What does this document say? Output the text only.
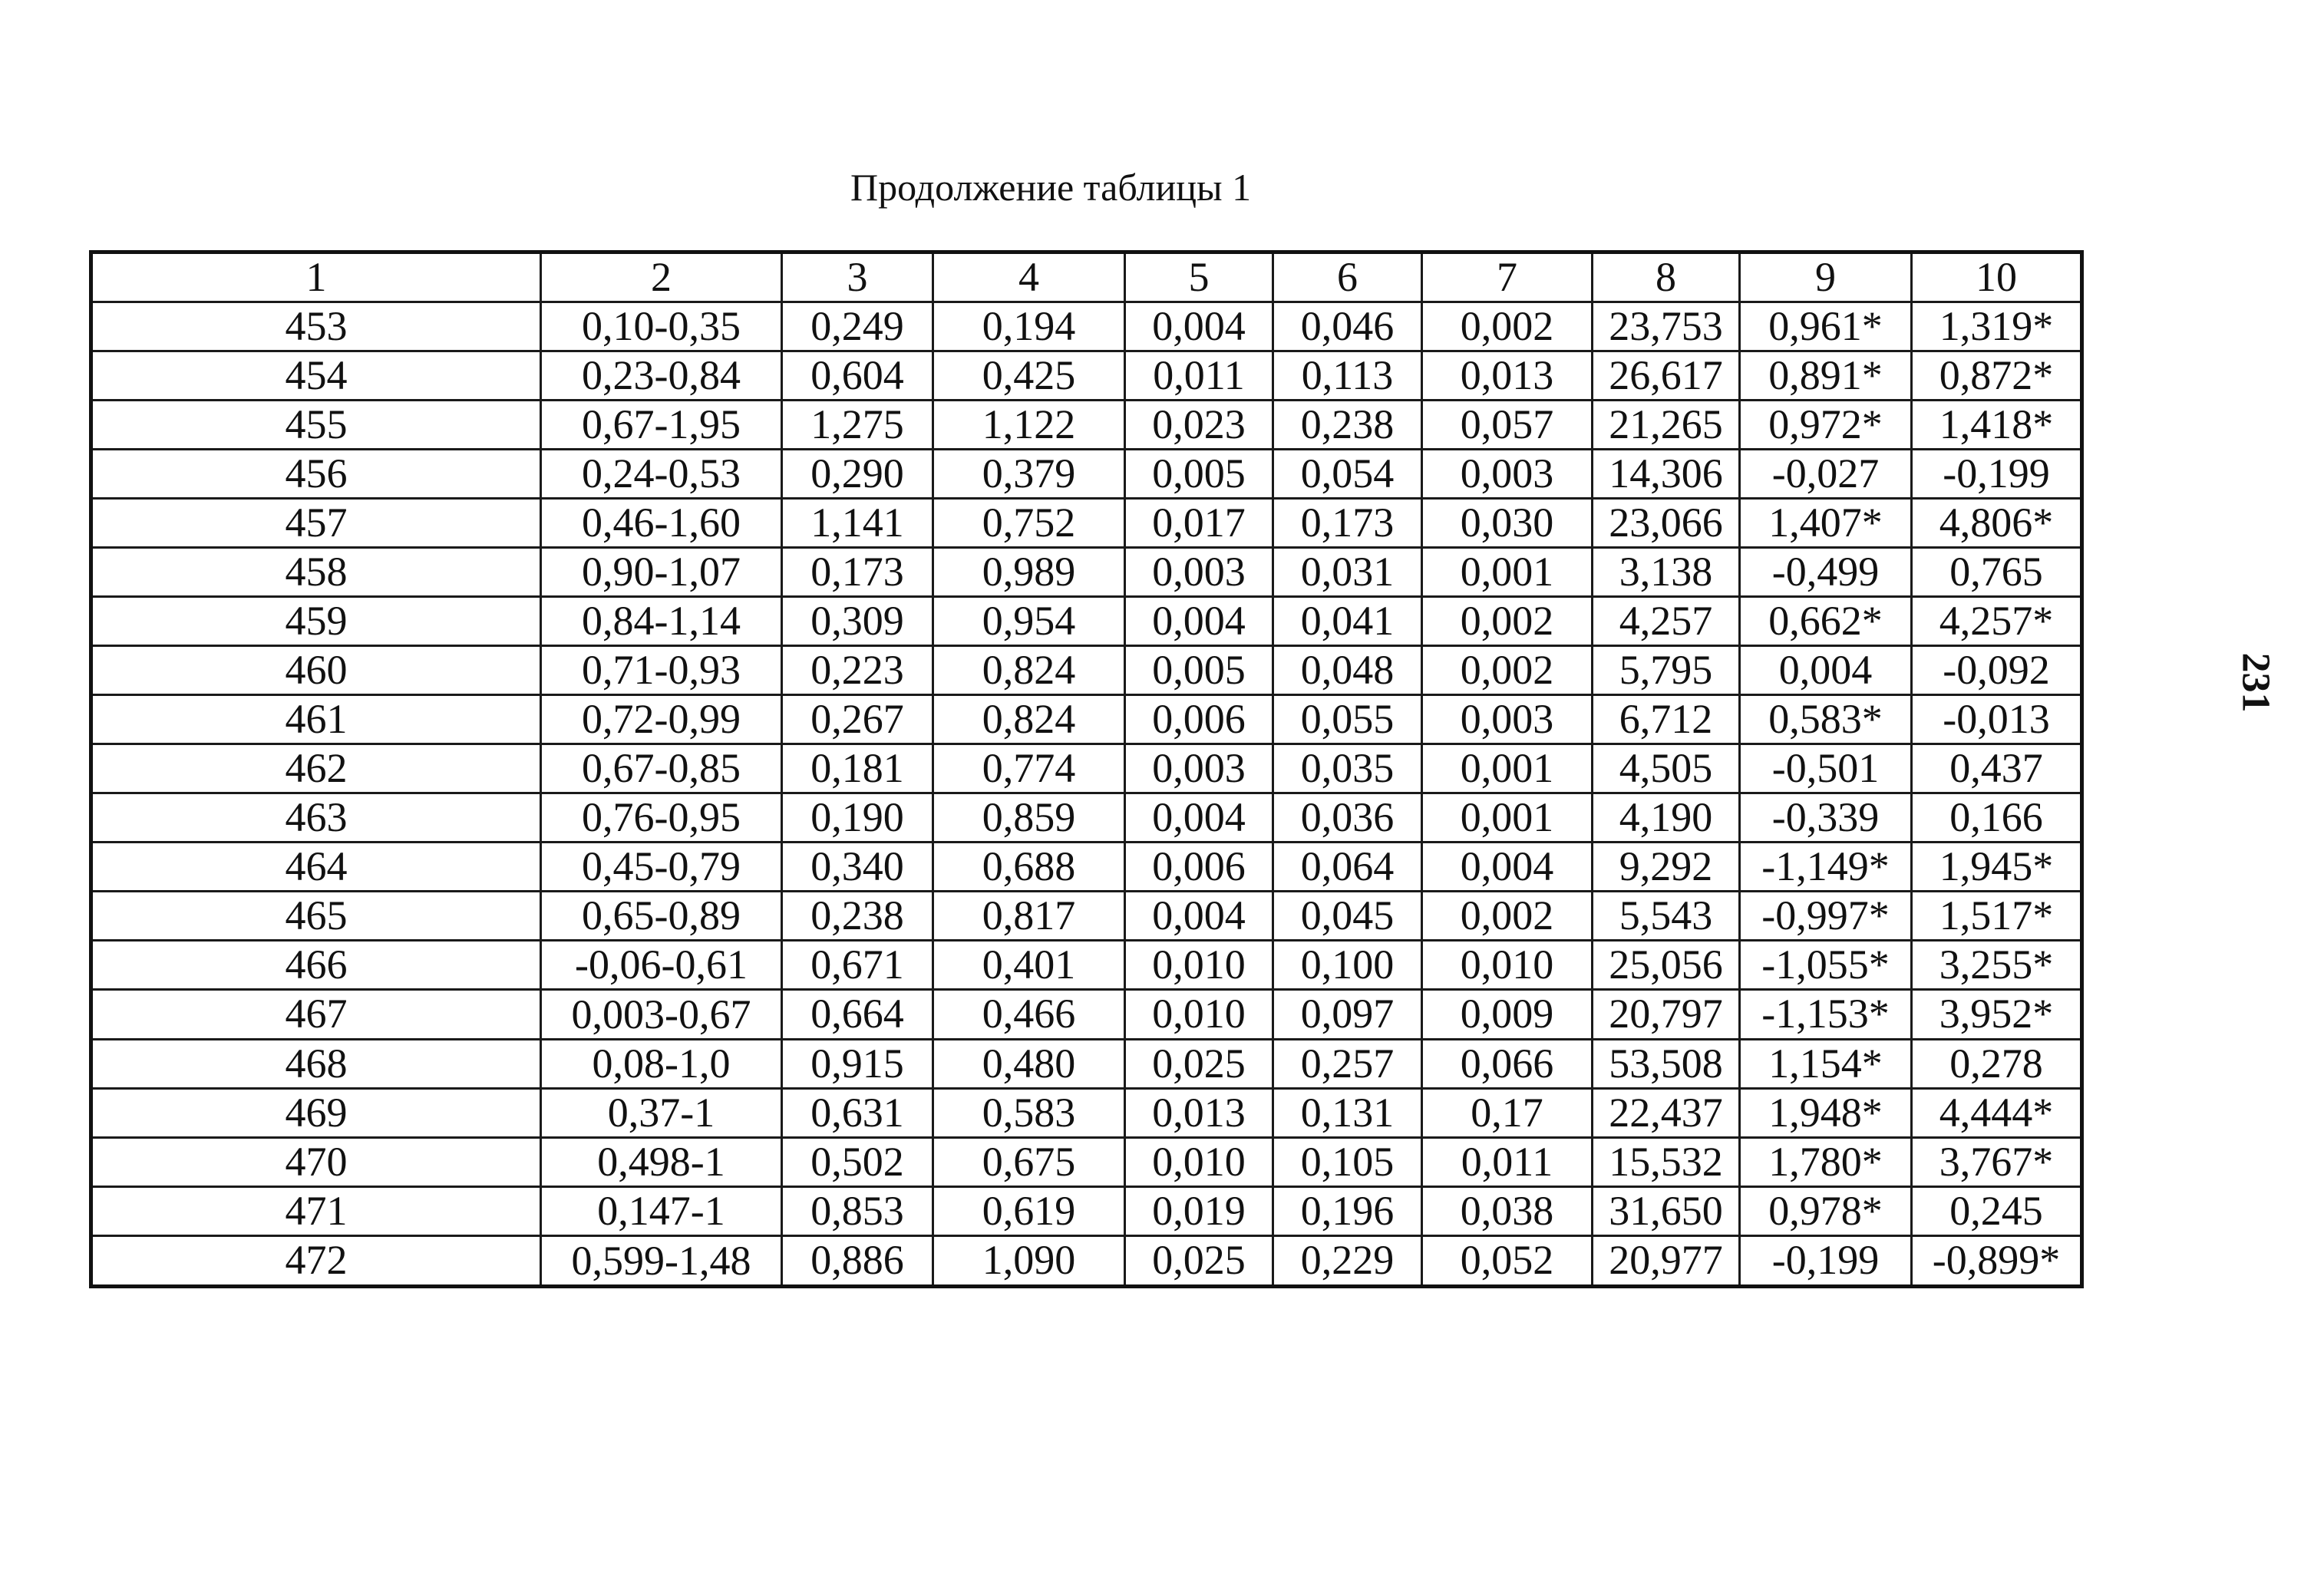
Продолжение таблицы 1
1	2	3	4	5	6	7	8	9	10
453	0,10-0,35	0,249	0,194	0,004	0,046	0,002	23,753	0,961*	1,319*
454	0,23-0,84	0,604	0,425	0,011	0,113	0,013	26,617	0,891*	0,872*
455	0,67-1,95	1,275	1,122	0,023	0,238	0,057	21,265	0,972*	1,418*
456	0,24-0,53	0,290	0,379	0,005	0,054	0,003	14,306	-0,027	-0,199
457	0,46-1,60	1,141	0,752	0,017	0,173	0,030	23,066	1,407*	4,806*
458	0,90-1,07	0,173	0,989	0,003	0,031	0,001	3,138	-0,499	0,765
459	0,84-1,14	0,309	0,954	0,004	0,041	0,002	4,257	0,662*	4,257*
460	0,71-0,93	0,223	0,824	0,005	0,048	0,002	5,795	0,004	-0,092
461	0,72-0,99	0,267	0,824	0,006	0,055	0,003	6,712	0,583*	-0,013
462	0,67-0,85	0,181	0,774	0,003	0,035	0,001	4,505	-0,501	0,437
463	0,76-0,95	0,190	0,859	0,004	0,036	0,001	4,190	-0,339	0,166
464	0,45-0,79	0,340	0,688	0,006	0,064	0,004	9,292	-1,149*	1,945*
465	0,65-0,89	0,238	0,817	0,004	0,045	0,002	5,543	-0,997*	1,517*
466	-0,06-0,61	0,671	0,401	0,010	0,100	0,010	25,056	-1,055*	3,255*
467	0,003-0,67	0,664	0,466	0,010	0,097	0,009	20,797	-1,153*	3,952*
468	0,08-1,0	0,915	0,480	0,025	0,257	0,066	53,508	1,154*	0,278
469	0,37-1	0,631	0,583	0,013	0,131	0,17	22,437	1,948*	4,444*
470	0,498-1	0,502	0,675	0,010	0,105	0,011	15,532	1,780*	3,767*
471	0,147-1	0,853	0,619	0,019	0,196	0,038	31,650	0,978*	0,245
472	0,599-1,48	0,886	1,090	0,025	0,229	0,052	20,977	-0,199	-0,899*
231
